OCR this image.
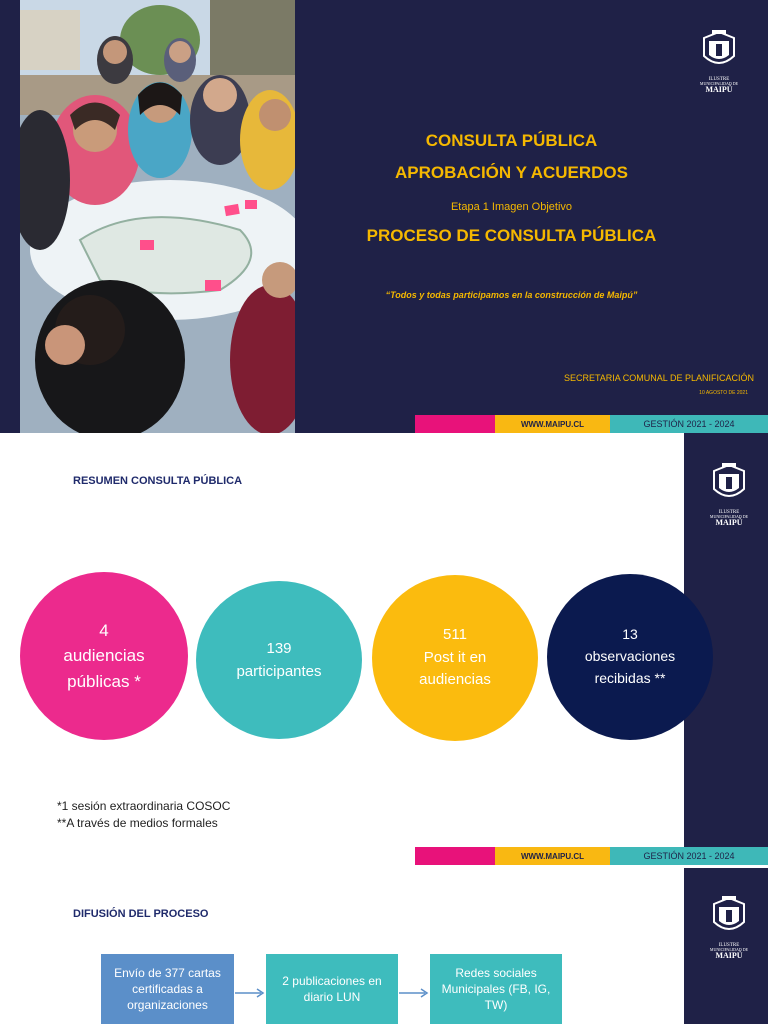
ILUSTRE
MUNICIPALIDAD DE
MAIPÚ
CONSULTA PÚBLICA
APROBACIÓN Y ACUERDOS
Etapa 1 Imagen Objetivo
PROCESO DE CONSULTA PÚBLICA
“Todos y todas participamos en la construcción de Maipú”
SECRETARIA COMUNAL DE PLANIFICACIÓN
10 AGOSTO DE 2021
WWW.MAIPU.CL	GESTIÓN 2021 - 2024
ILUSTRE
MUNICIPALIDAD DE
MAIPÚ
RESUMEN CONSULTA PÚBLICA
4
audiencias
públicas *
139
participantes
511
Post it en
audiencias
13
observaciones
recibidas **
*1 sesión extraordinaria COSOC
**A través de medios formales
WWW.MAIPU.CL	GESTIÓN 2021 - 2024
ILUSTRE
MUNICIPALIDAD DE
MAIPÚ
DIFUSIÓN DEL PROCESO
Envío de 377 cartas certificadas a organizaciones
2 publicaciones en diario LUN
Redes sociales Municipales (FB, IG, TW)
